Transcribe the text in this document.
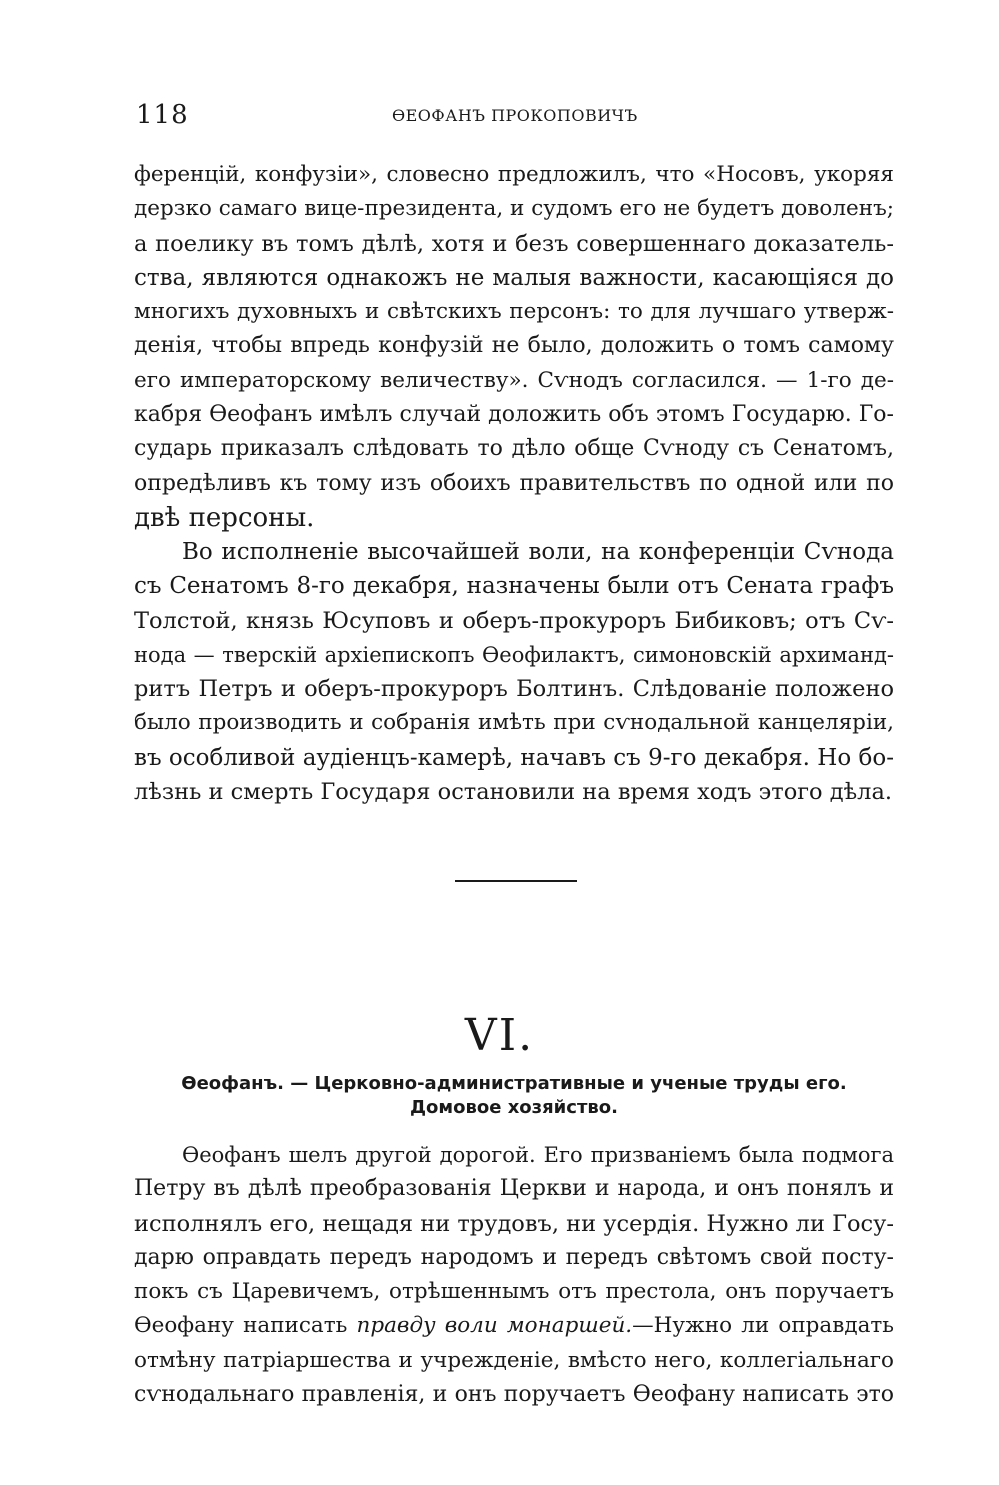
118	ѲЕОФАНЪ ПРОКОПОВИЧЪ
ференцій, конфузіи», словесно предложилъ, что «Носовъ, укоряя
дерзко самаго вице-президента, и судомъ его не будетъ доволенъ;
а поелику въ томъ дѣлѣ, хотя и безъ совершеннаго доказатель-
ства, являются однакожъ не малыя важности, касающіяся до
многихъ духовныхъ и свѣтскихъ персонъ: то для лучшаго утверж-
денія, чтобы впредь конфузій не было, доложить о томъ самому
его императорскому величеству». Сѵнодъ согласился. — 1-го де-
кабря Ѳеофанъ имѣлъ случай доложить объ этомъ Государю. Го-
сударь приказалъ слѣдовать то дѣло обще Сѵноду съ Сенатомъ,
опредѣливъ къ тому изъ обоихъ правительствъ по одной или по
двѣ персоны.
Во исполненіе высочайшей воли, на конференціи Сѵнода
съ Сенатомъ 8-го декабря, назначены были отъ Сената графъ
Толстой, князь Юсуповъ и оберъ-прокуроръ Бибиковъ; отъ Сѵ-
нода — тверскій архіепископъ Ѳеофилактъ, симоновскій архиманд-
ритъ Петръ и оберъ-прокуроръ Болтинъ. Слѣдованіе положено
было производить и собранія имѣть при сѵнодальной канцеляріи,
въ особливой аудіенцъ-камерѣ, начавъ съ 9-го декабря. Но бо-
лѣзнь и смерть Государя остановили на время ходъ этого дѣла.
VI.
Ѳеофанъ. — Церковно-административные и ученые труды его.
Домовое хозяйство.
Ѳеофанъ шелъ другой дорогой. Его призваніемъ была подмога
Петру въ дѣлѣ преобразованія Церкви и народа, и онъ понялъ и
исполнялъ его, нещадя ни трудовъ, ни усердія. Нужно ли Госу-
дарю оправдать передъ народомъ и передъ свѣтомъ свой посту-
покъ съ Царевичемъ, отрѣшеннымъ отъ престола, онъ поручаетъ
Ѳеофану написать правду воли монаршей.—Нужно ли оправдать
отмѣну патріаршества и учрежденіе, вмѣсто него, коллегіальнаго
сѵнодальнаго правленія, и онъ поручаетъ Ѳеофану написать это
